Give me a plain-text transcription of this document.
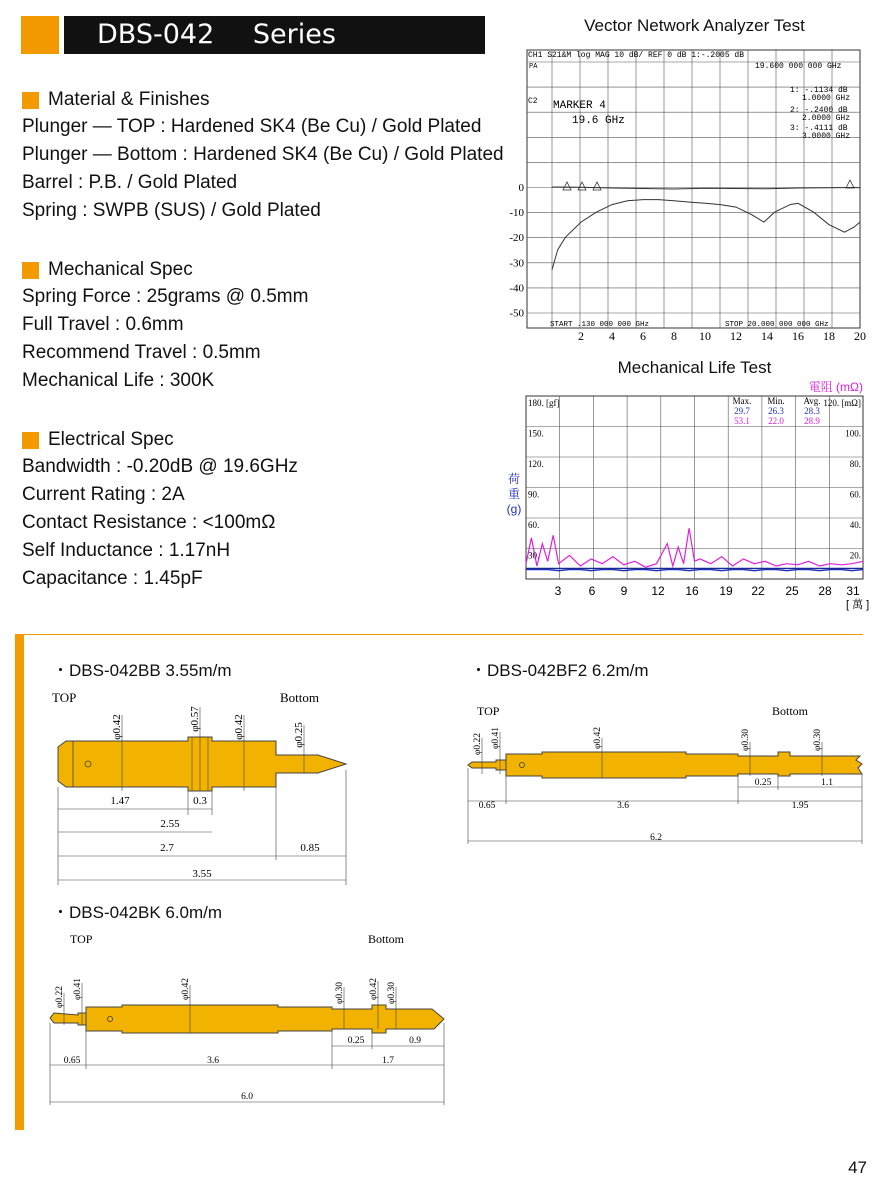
DBS-042 Series
Material & Finishes
Plunger — TOP : Hardened SK4 (Be Cu) / Gold Plated
Plunger — Bottom : Hardened SK4 (Be Cu) / Gold Plated
Barrel : P.B. / Gold Plated
Spring : SWPB (SUS) / Gold Plated
Mechanical Spec
Spring Force : 25grams @ 0.5mm
Full Travel : 0.6mm
Recommend Travel : 0.5mm
Mechanical Life : 300K
Electrical Spec
Bandwidth : -0.20dB @ 19.6GHz
Current Rating : 2A
Contact Resistance : <100mΩ
Self Inductance : 1.17nH
Capacitance : 1.45pF
Vector Network Analyzer Test
CH1 S21&M log MAG 10 dB/ REF 0 dB 1:-.2005 dB
19.600 000 000 GHz
PA
C2 MARKER 4
19.6 GHz
1: -.1134 dB
1.0000 GHz
2: -.2400 dB
2.0000 GHz
3: -.4111 dB
3.0000 GHz
START .130 000 000 GHz	STOP 20.000 000 000 GHz
0
-10
-20
-30
-40
-50
2 4 6 8 10 12 14 16 18 20
Mechanical Life Test
電阻 (mΩ)
荷重
(g)
180. [gf]
150.
120.
90.
60.
30.
120. [mΩ]
100.
80.
60.
40.
20.
Max. Min. Avg.
29.7 26.3 28.3
53.1 22.0 28.9
3 6 9 12 16 19 22 25 28 31
[ 萬 ]
・DBS-042BB 3.55m/m
TOP	Bottom
φ0.42	φ0.57	φ0.42	φ0.25
1.47	0.3
2.55
2.7	0.85
3.55
・DBS-042BF2 6.2m/m
TOP	Bottom
φ0.22 φ0.41	φ0.42	φ0.30	φ0.30
0.25	1.1
0.65	3.6	1.95
6.2
・DBS-042BK 6.0m/m
TOP	Bottom
φ0.22 φ0.41	φ0.42	φ0.30	φ0.42 φ0.30
0.25	0.9
0.65	3.6	1.7
6.0
47
